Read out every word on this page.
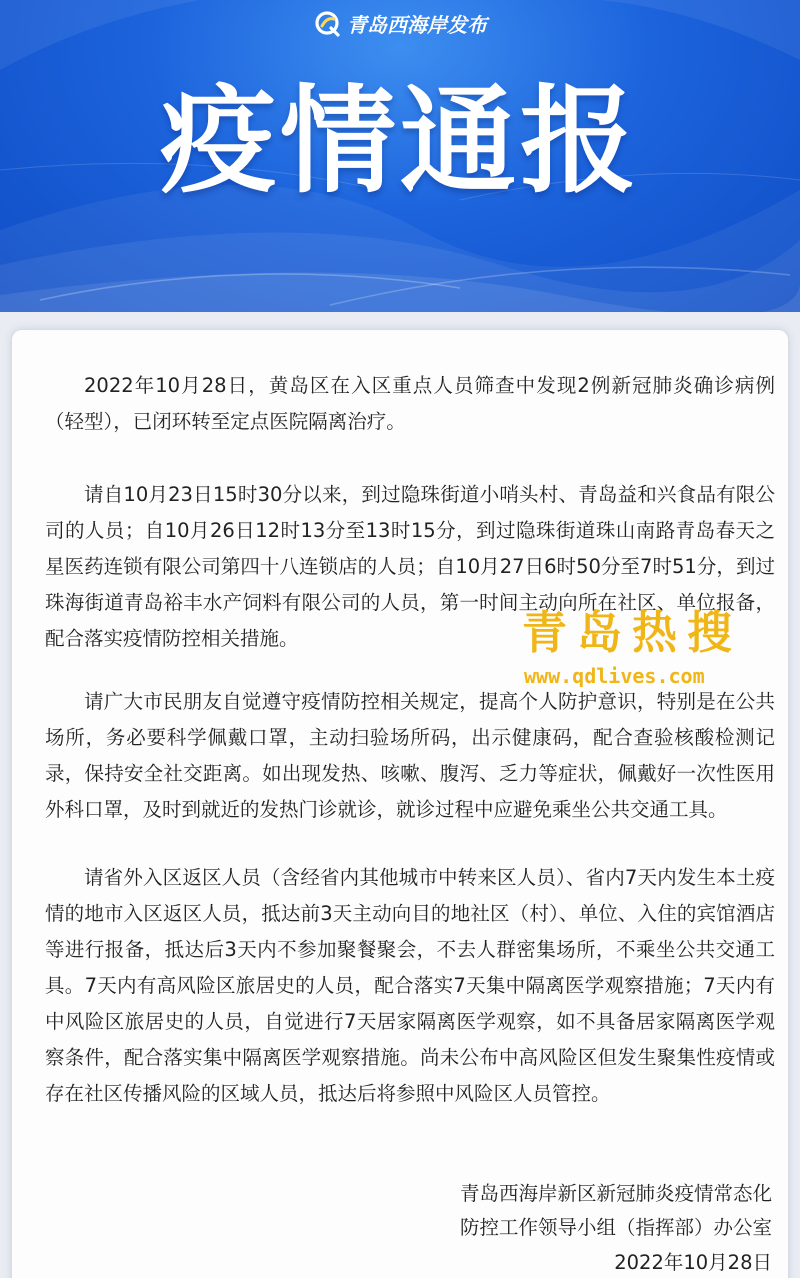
青岛西海岸发布
疫情通报

2022年10月28日，黄岛区在入区重点人员筛查中发现2例新冠肺炎确诊病例（轻型），已闭环转至定点医院隔离治疗。

请自10月23日15时30分以来，到过隐珠街道小哨头村、青岛益和兴食品有限公司的人员；自10月26日12时13分至13时15分，到过隐珠街道珠山南路青岛春天之星医药连锁有限公司第四十八连锁店的人员；自10月27日6时50分至7时51分，到过珠海街道青岛裕丰水产饲料有限公司的人员，第一时间主动向所在社区、单位报备，配合落实疫情防控相关措施。

请广大市民朋友自觉遵守疫情防控相关规定，提高个人防护意识，特别是在公共场所，务必要科学佩戴口罩，主动扫验场所码，出示健康码，配合查验核酸检测记录，保持安全社交距离。如出现发热、咳嗽、腹泻、乏力等症状，佩戴好一次性医用外科口罩，及时到就近的发热门诊就诊，就诊过程中应避免乘坐公共交通工具。

请省外入区返区人员（含经省内其他城市中转来区人员）、省内7天内发生本土疫情的地市入区返区人员，抵达前3天主动向目的地社区（村）、单位、入住的宾馆酒店等进行报备，抵达后3天内不参加聚餐聚会，不去人群密集场所，不乘坐公共交通工具。7天内有高风险区旅居史的人员，配合落实7天集中隔离医学观察措施；7天内有中风险区旅居史的人员，自觉进行7天居家隔离医学观察，如不具备居家隔离医学观察条件，配合落实集中隔离医学观察措施。尚未公布中高风险区但发生聚集性疫情或存在社区传播风险的区域人员，抵达后将参照中风险区人员管控。

青岛西海岸新区新冠肺炎疫情常态化
防控工作领导小组（指挥部）办公室
2022年10月28日
青岛热搜
www.qdlives.com
